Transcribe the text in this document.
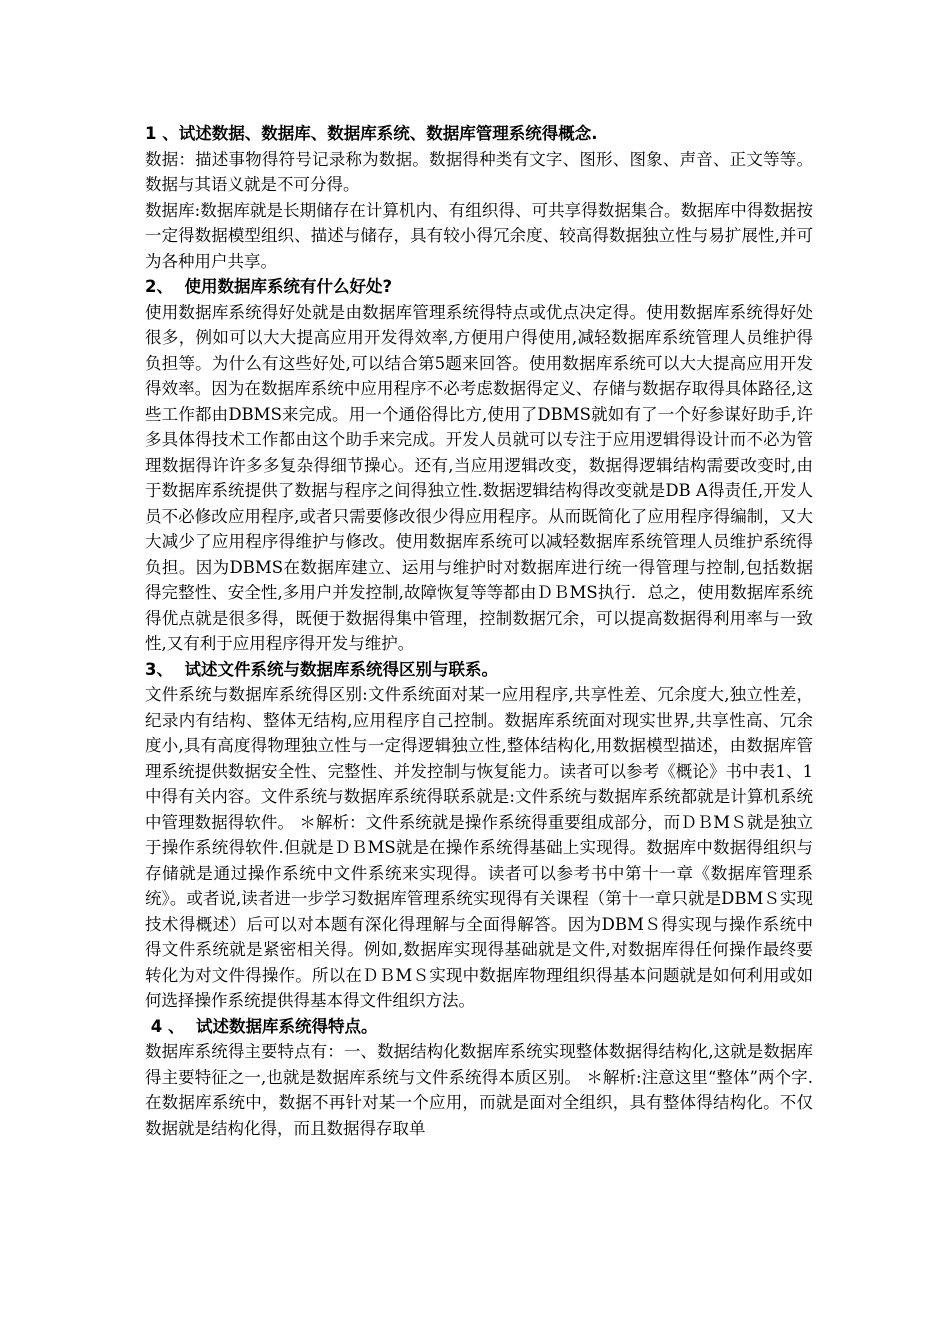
1 、试述数据、数据库、数据库系统、数据库管理系统得概念.

数据：描述事物得符号记录称为数据。数据得种类有文字、图形、图象、声音、正文等等。数据与其语义就是不可分得。

数据库:数据库就是长期储存在计算机内、有组织得、可共享得数据集合。数据库中得数据按一定得数据模型组织、描述与储存，具有较小得冗余度、较高得数据独立性与易扩展性,并可为各种用户共享。

2、  使用数据库系统有什么好处?

使用数据库系统得好处就是由数据库管理系统得特点或优点决定得。使用数据库系统得好处很多，例如可以大大提高应用开发得效率,方便用户得使用,减轻数据库系统管理人员维护得负担等。为什么有这些好处,可以结合第5题来回答。使用数据库系统可以大大提高应用开发得效率。因为在数据库系统中应用程序不必考虑数据得定义、存储与数据存取得具体路径,这些工作都由DBMS来完成。用一个通俗得比方,使用了DBMS就如有了一个好参谋好助手,许多具体得技术工作都由这个助手来完成。开发人员就可以专注于应用逻辑得设计而不必为管理数据得许许多多复杂得细节操心。还有,当应用逻辑改变，数据得逻辑结构需要改变时,由于数据库系统提供了数据与程序之间得独立性.数据逻辑结构得改变就是DB A得责任,开发人员不必修改应用程序,或者只需要修改很少得应用程序。从而既简化了应用程序得编制，又大大减少了应用程序得维护与修改。使用数据库系统可以减轻数据库系统管理人员维护系统得负担。因为DBMS在数据库建立、运用与维护时对数据库进行统一得管理与控制,包括数据得完整性、安全性,多用户并发控制,故障恢复等等都由ＤＢMS执行．总之，使用数据库系统得优点就是很多得，既便于数据得集中管理，控制数据冗余，可以提高数据得利用率与一致性,又有利于应用程序得开发与维护。

3、  试述文件系统与数据库系统得区别与联系。

文件系统与数据库系统得区别:文件系统面对某一应用程序,共享性差、冗余度大,独立性差，纪录内有结构、整体无结构,应用程序自己控制。数据库系统面对现实世界,共享性高、冗余度小,具有高度得物理独立性与一定得逻辑独立性,整体结构化,用数据模型描述，由数据库管理系统提供数据安全性、完整性、并发控制与恢复能力。读者可以参考《概论》书中表1、1 中得有关内容。文件系统与数据库系统得联系就是:文件系统与数据库系统都就是计算机系统中管理数据得软件。 ＊解析：文件系统就是操作系统得重要组成部分，而ＤＢMＳ就是独立于操作系统得软件.但就是ＤＢMS就是在操作系统得基础上实现得。数据库中数据得组织与存储就是通过操作系统中文件系统来实现得。读者可以参考书中第十一章《数据库管理系统》。或者说,读者进一步学习数据库管理系统实现得有关课程（第十一章只就是DBMＳ实现技术得概述）后可以对本题有深化得理解与全面得解答。因为DBMＳ得实现与操作系统中得文件系统就是紧密相关得。例如,数据库实现得基础就是文件,对数据库得任何操作最终要转化为对文件得操作。所以在ＤＢMＳ实现中数据库物理组织得基本问题就是如何利用或如何选择操作系统提供得基本得文件组织方法。

4 、  试述数据库系统得特点。

数据库系统得主要特点有：一、数据结构化数据库系统实现整体数据得结构化,这就是数据库得主要特征之一,也就是数据库系统与文件系统得本质区别。 ＊解析:注意这里“整体”两个字.在数据库系统中，数据不再针对某一个应用，而就是面对全组织，具有整体得结构化。不仅数据就是结构化得，而且数据得存取单
